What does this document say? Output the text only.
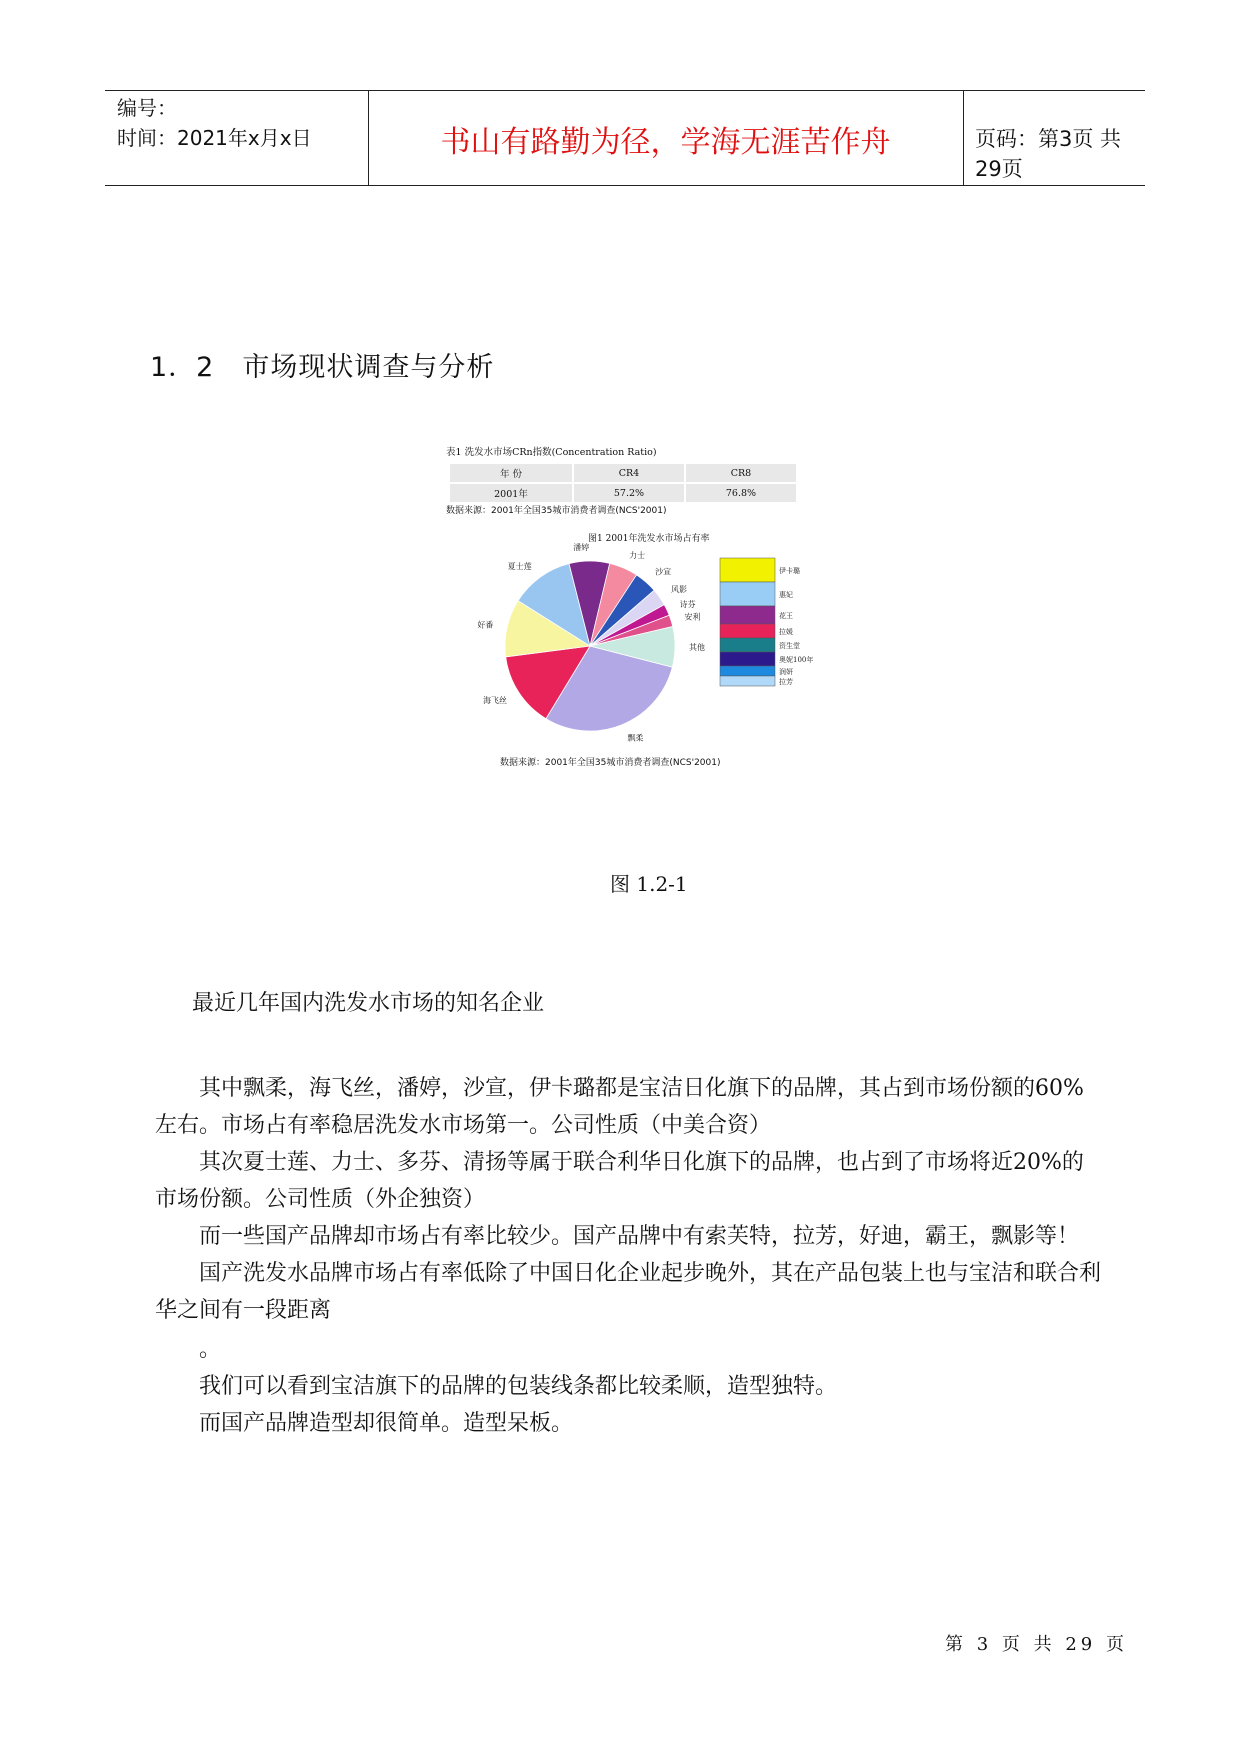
编号：
时间：2021年x月x日	书山有路勤为径，学海无涯苦作舟	页码：第3页 共29页
1．2　市场现状调查与分析
表1 洗发水市场CRn指数(Concentration Ratio)
年 份	CR4	CR8
2001年	57.2%	76.8%
数据来源：2001年全国35城市消费者调查(NCS'2001)
图1 2001年洗发水市场占有率
飘柔
海飞丝
好番
夏士莲
潘婷
力士
沙宣
风影
诗芬
安利
其他
伊卡璐
惠妃
花王
拉媛
资生堂
奥妮100年
润妍
拉芳
数据来源：2001年全国35城市消费者调查(NCS'2001)
图 1.2-1
最近几年国内洗发水市场的知名企业

其中飘柔，海飞丝，潘婷，沙宣，伊卡璐都是宝洁日化旗下的品牌，其占到市场份额的60%左右。市场占有率稳居洗发水市场第一。公司性质（中美合资）

其次夏士莲、力士、多芬、清扬等属于联合利华日化旗下的品牌，也占到了市场将近20%的市场份额。公司性质（外企独资）

而一些国产品牌却市场占有率比较少。国产品牌中有索芙特，拉芳，好迪，霸王，飘影等！

国产洗发水品牌市场占有率低除了中国日化企业起步晚外，其在产品包装上也与宝洁和联合利华之间有一段距离

。

我们可以看到宝洁旗下的品牌的包装线条都比较柔顺，造型独特。

而国产品牌造型却很简单。造型呆板。

第 3 页 共 29 页
